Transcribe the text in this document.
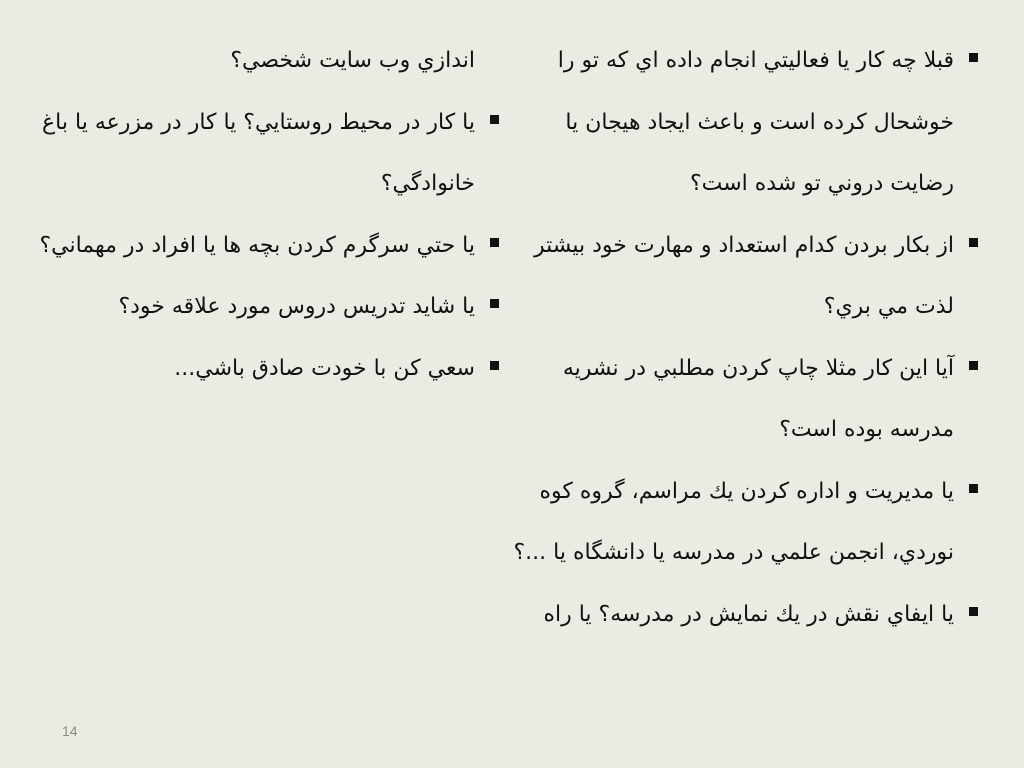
قبلا چه کار يا فعاليتي انجام داده اي که تو را خوشحال کرده است و باعث ايجاد هيجان يا رضايت دروني تو شده است؟
از بكار بردن كدام استعداد و مهارت خود بيشتر لذت مي بري؟
آيا اين كار مثلا چاپ كردن مطلبي در نشريه مدرسه بوده است؟
يا مديريت و اداره كردن يك مراسم، گروه كوه نوردي، انجمن علمي در مدرسه يا دانشگاه يا ...؟
يا ايفاي نقش در يك نمايش در مدرسه؟ يا راه
اندازي وب سايت شخصي؟
يا كار در محيط روستايي؟ يا كار در مزرعه يا باغ خانوادگي؟
يا حتي سرگرم كردن بچه ها يا افراد در مهماني؟
يا شايد تدريس دروس مورد علاقه خود؟
سعي كن با خودت صادق باشي...
14
